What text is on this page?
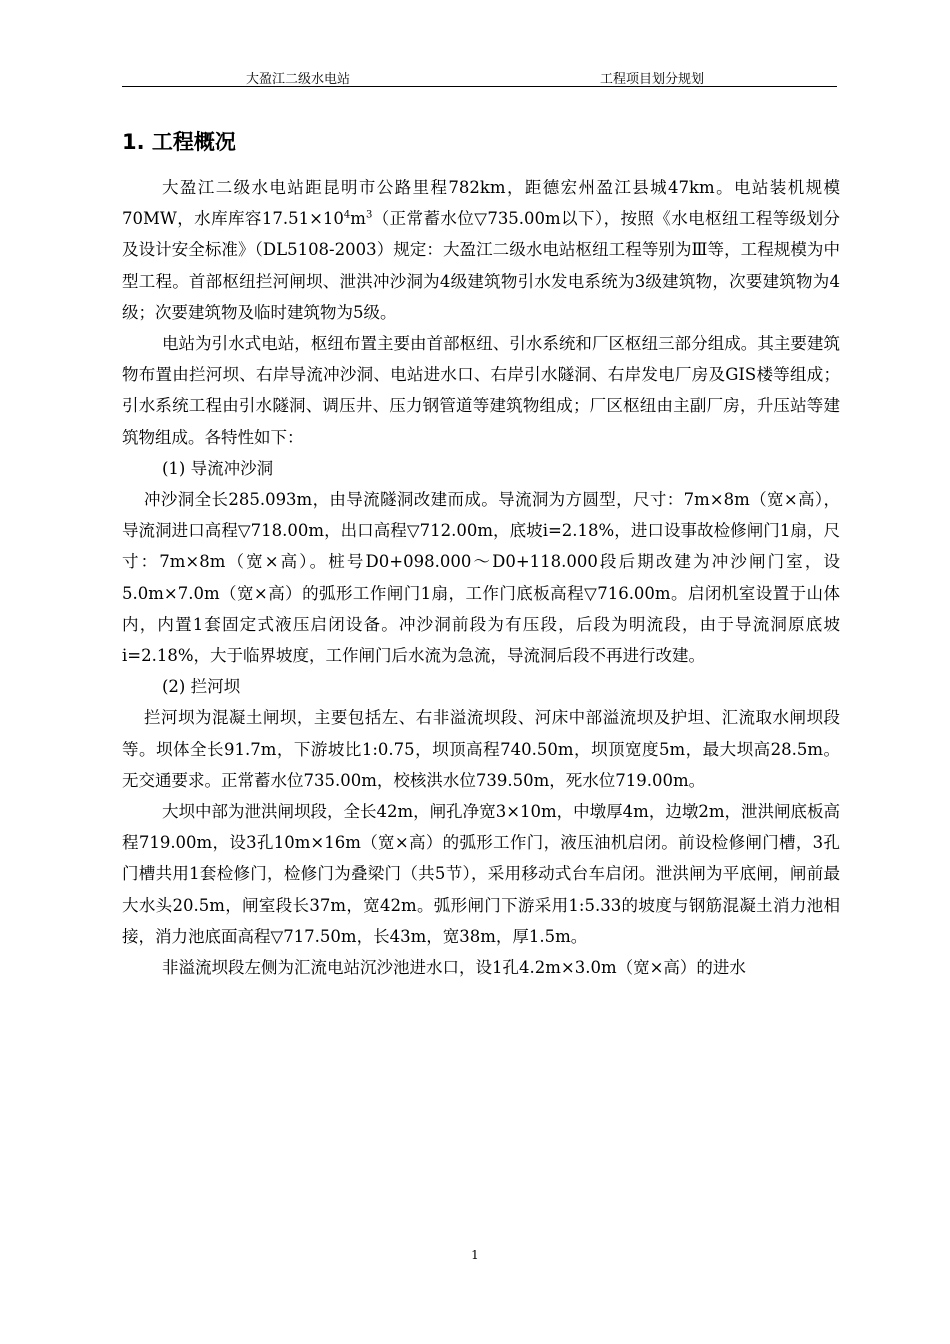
大盈江二级水电站	工程项目划分规划
1. 工程概况

大盈江二级水电站距昆明市公路里程782km，距德宏州盈江县城47km。电站装机规模70MW，水库库容$17.51\times 10^4m^3$（正常蓄水位▽735.00m以下），按照《水电枢纽工程等级划分及设计安全标准》（DL5108-2003）规定：大盈江二级水电站枢纽工程等别为Ⅲ等，工程规模为中型工程。首部枢纽拦河闸坝、泄洪冲沙洞为4级建筑物引水发电系统为3级建筑物，次要建筑物为4级；次要建筑物及临时建筑物为5级。

电站为引水式电站，枢纽布置主要由首部枢纽、引水系统和厂区枢纽三部分组成。其主要建筑物布置由拦河坝、右岸导流冲沙洞、电站进水口、右岸引水隧洞、右岸发电厂房及GIS楼等组成；引水系统工程由引水隧洞、调压井、压力钢管道等建筑物组成；厂区枢纽由主副厂房，升压站等建筑物组成。各特性如下：

(1) 导流冲沙洞

冲沙洞全长285.093m，由导流隧洞改建而成。导流洞为方圆型，尺寸：7m×8m（宽×高），导流洞进口高程▽718.00m，出口高程▽712.00m，底坡i=2.18%，进口设事故检修闸门1扇，尺寸：7m×8m（宽×高）。桩号D0+098.000～D0+118.000段后期改建为冲沙闸门室，设5.0m×7.0m（宽×高）的弧形工作闸门1扇，工作门底板高程▽716.00m。启闭机室设置于山体内，内置1套固定式液压启闭设备。冲沙洞前段为有压段，后段为明流段，由于导流洞原底坡i=2.18%，大于临界坡度，工作闸门后水流为急流，导流洞后段不再进行改建。

(2) 拦河坝

拦河坝为混凝土闸坝，主要包括左、右非溢流坝段、河床中部溢流坝及护坦、汇流取水闸坝段等。坝体全长91.7m，下游坡比1:0.75，坝顶高程740.50m，坝顶宽度5m，最大坝高28.5m。无交通要求。正常蓄水位735.00m，校核洪水位739.50m，死水位719.00m。

大坝中部为泄洪闸坝段，全长42m，闸孔净宽3×10m，中墩厚4m，边墩2m，泄洪闸底板高程719.00m，设3孔10m×16m（宽×高）的弧形工作门，液压油机启闭。前设检修闸门槽，3孔门槽共用1套检修门，检修门为叠梁门（共5节），采用移动式台车启闭。泄洪闸为平底闸，闸前最大水头20.5m，闸室段长37m，宽42m。弧形闸门下游采用1:5.33的坡度与钢筋混凝土消力池相接，消力池底面高程▽717.50m，长43m，宽38m，厚1.5m。

非溢流坝段左侧为汇流电站沉沙池进水口，设1孔4.2m×3.0m（宽×高）的进水

1
